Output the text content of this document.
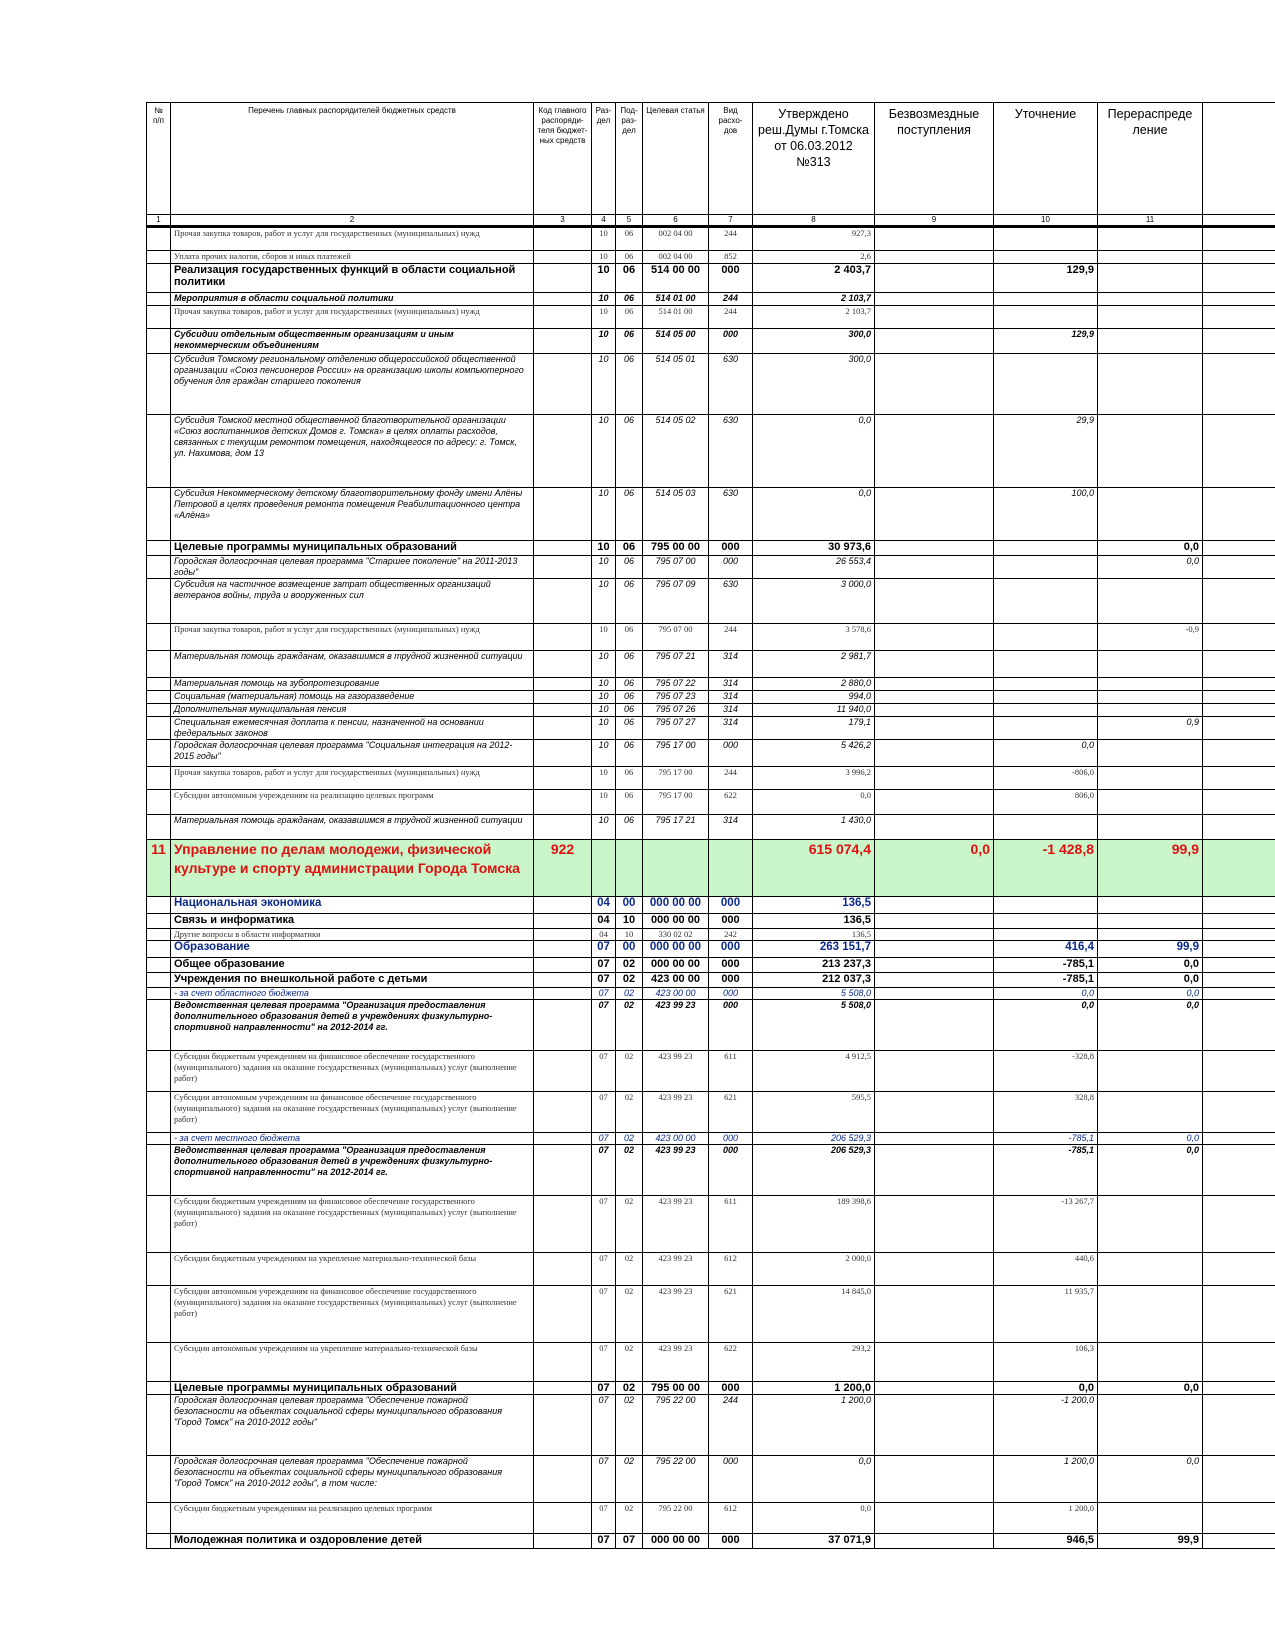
№ п/п	Перечень главных распорядителей бюджетных средств	Код главного распоряди-теля бюджет-ных средств	Раз-дел	Под-раз-дел	Целевая статья	Вид расхо-дов	Утверждено реш.Думы г.Томска от 06.03.2012 №313	Безвозмездные поступления	Уточнение	Перераспреде ление	
1	2	3	4	5	6	7	8	9	10	11	
	Прочая закупка товаров, работ и услуг для государственных (муниципальных) нужд		10	06	002 04 00	244	927,3				
	Уплата прочих налогов, сборов и иных платежей		10	06	002 04 00	852	2,6				
	Реализация государственных функций в области социальной политики		10	06	514 00 00	000	2 403,7		129,9		
	Мероприятия в области социальной политики		10	06	514 01 00	244	2 103,7				
	Прочая закупка товаров, работ и услуг для государственных (муниципальных) нужд		10	06	514 01 00	244	2 103,7				
	Субсидии отдельным общественным организациям и иным некоммерческим объединениям		10	06	514 05 00	000	300,0		129,9		
	Субсидия Томскому региональному отделению общероссийской общественной организации «Союз пенсионеров России» на организацию школы компьютерного обучения для граждан старшего поколения		10	06	514 05 01	630	300,0				
	Субсидия Томской местной общественной благотворительной организации «Союз воспитанников детских Домов г. Томска» в целях оплаты расходов, связанных с текущим ремонтом помещения, находящегося по адресу: г. Томск, ул. Нахимова, дом 13		10	06	514 05 02	630	0,0		29,9		
	Субсидия Некоммерческому детскому благотворительному фонду имени Алёны Петровой в целях проведения ремонта помещения Реабилитационного центра «Алёна»		10	06	514 05 03	630	0,0		100,0		
	Целевые программы муниципальных образований		10	06	795 00 00	000	30 973,6			0,0	
	Городская долгосрочная целевая программа "Старшее поколение" на 2011-2013 годы"		10	06	795 07 00	000	26 553,4			0,0	
	Субсидия на частичное возмещение затрат общественных организаций ветеранов войны, труда и вооруженных сил		10	06	795 07 09	630	3 000,0				
	Прочая закупка товаров, работ и услуг для государственных (муниципальных) нужд		10	06	795 07 00	244	3 578,6			-0,9	
	Материальная помощь гражданам, оказавшимся в трудной жизненной ситуации		10	06	795 07 21	314	2 981,7				
	Материальная помощь на зубопротезирование		10	06	795 07 22	314	2 880,0				
	Социальная (материальная) помощь на газоразведение		10	06	795 07 23	314	994,0				
	Дополнительная муниципальная пенсия		10	06	795 07 26	314	11 940,0				
	Специальная ежемесячная доплата к пенсии, назначенной на основании федеральных законов		10	06	795 07 27	314	179,1			0,9	
	Городская долгосрочная целевая программа "Социальная интеграция на 2012-2015 годы"		10	06	795 17 00	000	5 426,2		0,0		
	Прочая закупка товаров, работ и услуг для государственных (муниципальных) нужд		10	06	795 17 00	244	3 996,2		-806,0		
	Субсидии автономным учреждениям на реализацию целевых программ		10	06	795 17 00	622	0,0		806,0		
	Материальная помощь гражданам, оказавшимся в трудной жизненной ситуации		10	06	795 17 21	314	1 430,0				
11	Управление по делам молодежи, физической культуре и спорту администрации Города Томска	922					615 074,4	0,0	-1 428,8	99,9	
	Национальная экономика		04	00	000 00 00	000	136,5				
	Связь и информатика		04	10	000 00 00	000	136,5				
	Другие вопросы в области информатики		04	10	330 02 02	242	136,5				
	Образование		07	00	000 00 00	000	263 151,7		416,4	99,9	
	Общее образование		07	02	000 00 00	000	213 237,3		-785,1	0,0	
	Учреждения по внешкольной работе с детьми		07	02	423 00 00	000	212 037,3		-785,1	0,0	
	- за счет областного бюджета		07	02	423 00 00	000	5 508,0		0,0	0,0	
	Ведомственная целевая программа "Организация предоставления дополнительного образования детей в учреждениях физкультурно-спортивной направленности" на 2012-2014 гг.		07	02	423 99 23	000	5 508,0		0,0	0,0	
	Субсидии бюджетным учреждениям на финансовое обеспечение государственного (муниципального) задания на оказание государственных (муниципальных) услуг (выполнение работ)		07	02	423 99 23	611	4 912,5		-328,8		
	Субсидии автономным учреждениям на финансовое обеспечение государственного (муниципального) задания на оказание государственных (муниципальных) услуг (выполнение работ)		07	02	423 99 23	621	595,5		328,8		
	- за счет местного бюджета		07	02	423 00 00	000	206 529,3		-785,1	0,0	
	Ведомственная целевая программа "Организация предоставления дополнительного образования детей в учреждениях физкультурно-спортивной направленности" на 2012-2014 гг.		07	02	423 99 23	000	206 529,3		-785,1	0,0	
	Субсидии бюджетным учреждениям на финансовое обеспечение государственного (муниципального) задания на оказание государственных (муниципальных) услуг (выполнение работ)		07	02	423 99 23	611	189 398,6		-13 267,7		
	Субсидии бюджетным учреждениям на укрепление материально-технической базы		07	02	423 99 23	612	2 000,0		440,6		
	Субсидии автономным учреждениям на финансовое обеспечение государственного (муниципального) задания на оказание государственных (муниципальных) услуг (выполнение работ)		07	02	423 99 23	621	14 845,0		11 935,7		
	Субсидии автономным учреждениям на укрепление материально-технической базы		07	02	423 99 23	622	293,2		106,3		
	Целевые программы муниципальных образований		07	02	795 00 00	000	1 200,0		0,0	0,0	
	Городская долгосрочная целевая программа "Обеспечение пожарной безопасности на объектах социальной сферы муниципального образования "Город Томск" на 2010-2012 годы"		07	02	795 22 00	244	1 200,0		-1 200,0		
	Городская долгосрочная целевая программа "Обеспечение пожарной безопасности на объектах социальной сферы муниципального образования "Город Томск" на 2010-2012 годы", в том числе:		07	02	795 22 00	000	0,0		1 200,0	0,0	
	Субсидии бюджетным учреждениям на реализацию целевых программ		07	02	795 22 00	612	0,0		1 200,0		
	Молодежная политика и оздоровление детей		07	07	000 00 00	000	37 071,9		946,5	99,9	
